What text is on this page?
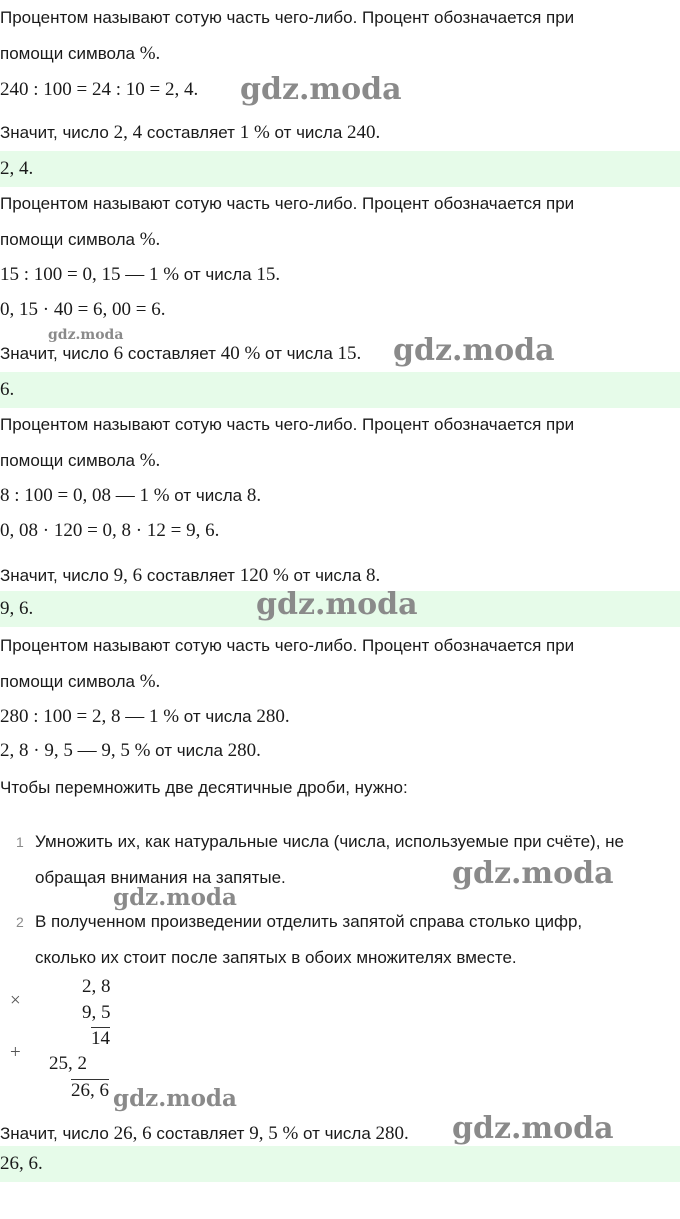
Процентом называют сотую часть чего-либо. Процент обозначается при
помощи символа %.
240 : 100 = 24 : 10 = 2, 4. gdz.moda
Значит, число 2, 4 составляет 1 % от числа 240.
2, 4.
Процентом называют сотую часть чего-либо. Процент обозначается при
помощи символа %.
15 : 100 = 0, 15 — 1 % от числа 15.
0, 15 · 40 = 6, 00 = 6.
gdz.moda
Значит, число 6 составляет 40 % от числа 15. gdz.moda
6.
Процентом называют сотую часть чего-либо. Процент обозначается при
помощи символа %.
8 : 100 = 0, 08 — 1 % от числа 8.
0, 08 · 120 = 0, 8 · 12 = 9, 6.
Значит, число 9, 6 составляет 120 % от числа 8.
9, 6.	gdz.moda
Процентом называют сотую часть чего-либо. Процент обозначается при
помощи символа %.
280 : 100 = 2, 8 — 1 % от числа 280.
2, 8 · 9, 5 — 9, 5 % от числа 280.
Чтобы перемножить две десятичные дроби, нужно:
1 Умножить их, как натуральные числа (числа, используемые при счёте), не
обращая внимания на запятые.	gdz.moda
gdz.moda
2 В полученном произведении отделить запятой справа столько цифр,
сколько их стоит после запятых в обоих множителях вместе.
×
2, 8
9, 5
14
+
25, 2
26, 6 gdz.moda
Значит, число 26, 6 составляет 9, 5 % от числа 280. gdz.moda
26, 6.
